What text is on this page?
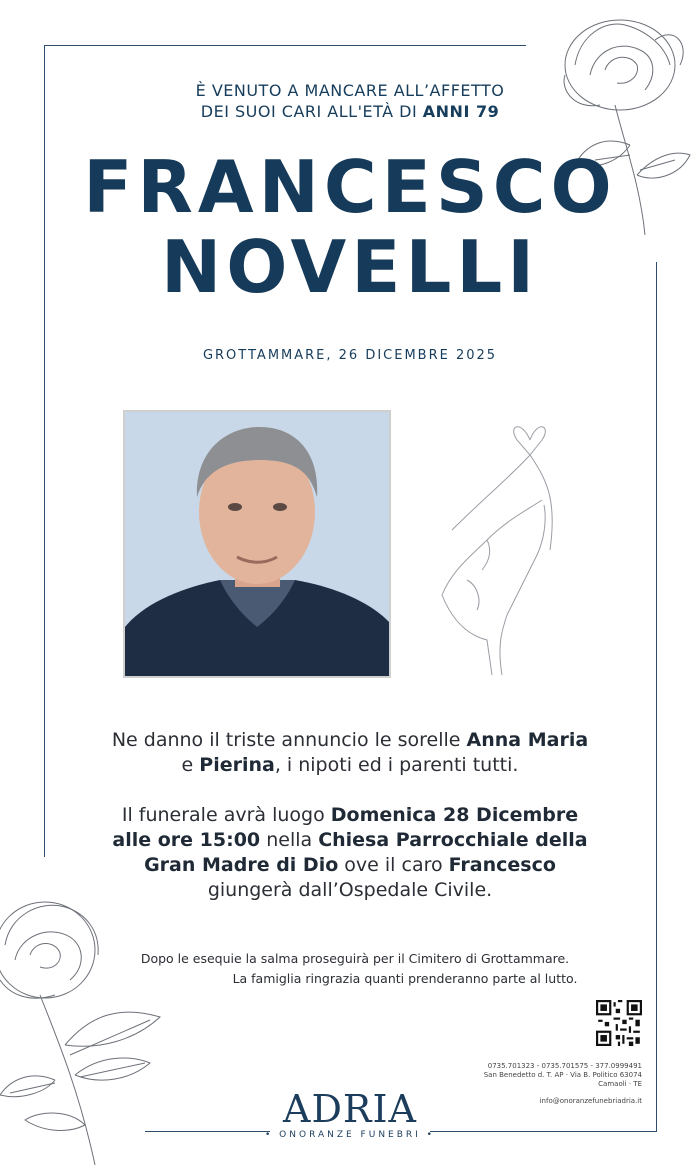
È VENUTO A MANCARE ALL’AFFETTO
DEI SUOI CARI ALL'ETÀ DI ANNI 79
FRANCESCO
NOVELLI
GROTTAMMARE, 26 DICEMBRE 2025
Ne danno il triste annuncio le sorelle Anna Maria
e Pierina, i nipoti ed i parenti tutti.
Il funerale avrà luogo Domenica 28 Dicembre
alle ore 15:00 nella Chiesa Parrocchiale della
Gran Madre di Dio ove il caro Francesco
giungerà dall’Ospedale Civile.
Dopo le esequie la salma proseguirà per il Cimitero di Grottammare.
La famiglia ringrazia quanti prenderanno parte al lutto.
0735.701323 - 0735.701575 - 377.0999491
San Benedetto d. T. AP · Via B. Politico 63074
Camaoli · TE
info@onoranzefunebriadria.it
ADRIA
• ONORANZE FUNEBRI •
